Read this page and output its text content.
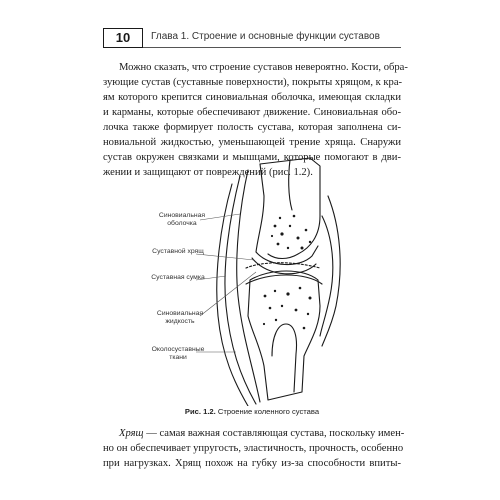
10	Глава 1. Строение и основные функции суставов
Можно сказать, что строение суставов невероятно. Кости, обра-
зующие сустав (суставные поверхности), покрыты хрящом, к кра-
ям которого крепится синовиальная оболочка, имеющая складки
и карманы, которые обеспечивают движение. Синовиальная обо-
лочка также формирует полость сустава, которая заполнена си-
новиальной жидкостью, уменьшающей трение хряща. Снаружи
сустав окружен связками и мышцами, которые помогают в дви-
жении и защищают от повреждений (рис. 1.2).
Синовиальная оболочка
Суставной хрящ
Суставная сумка
Синовиальная жидкость
Околосуставные ткани
Рис. 1.2. Строение коленного сустава
Хрящ — самая важная составляющая сустава, поскольку имен-
но он обеспечивает упругость, эластичность, прочность, особенно
при нагрузках. Хрящ похож на губку из-за способности впиты-
